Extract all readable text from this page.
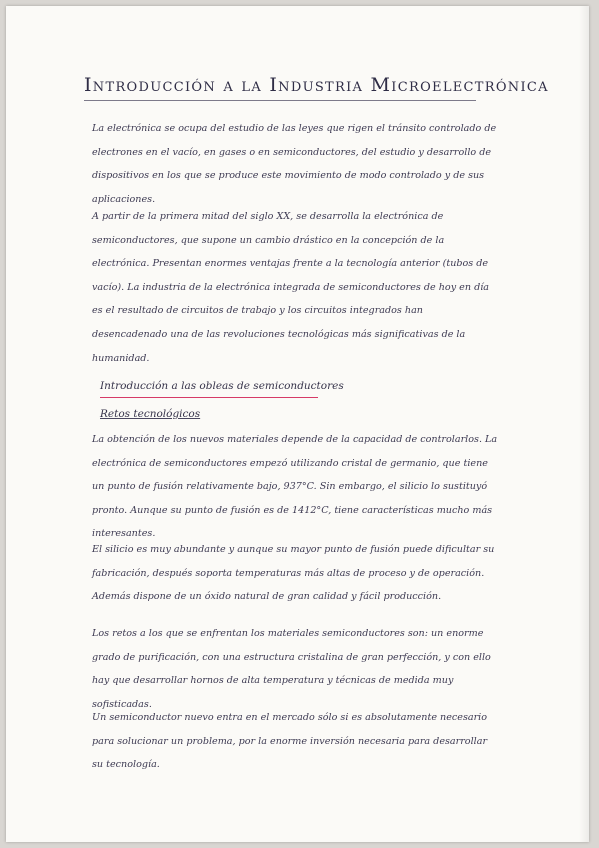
Introducción a la Industria Microelectrónica
La electrónica se ocupa del estudio de las leyes que rigen el tránsito controlado de electrones en el vacío, en gases o en semiconductores, del estudio y desarrollo de dispositivos en los que se produce este movimiento de modo controlado y de sus aplicaciones.
A partir de la primera mitad del siglo XX, se desarrolla la electrónica de semiconductores, que supone un cambio drástico en la concepción de la electrónica. Presentan enormes ventajas frente a la tecnología anterior (tubos de vacío). La industria de la electrónica integrada de semiconductores de hoy en día es el resultado de circuitos de trabajo y los circuitos integrados han desencadenado una de las revoluciones tecnológicas más significativas de la humanidad.
Introducción a las obleas de semiconductores
Retos tecnológicos
La obtención de los nuevos materiales depende de la capacidad de controlarlos. La electrónica de semiconductores empezó utilizando cristal de germanio, que tiene un punto de fusión relativamente bajo, 937°C. Sin embargo, el silicio lo sustituyó pronto. Aunque su punto de fusión es de 1412°C, tiene características mucho más interesantes.
El silicio es muy abundante y aunque su mayor punto de fusión puede dificultar su fabricación, después soporta temperaturas más altas de proceso y de operación. Además dispone de un óxido natural de gran calidad y fácil producción.
Los retos a los que se enfrentan los materiales semiconductores son: un enorme grado de purificación, con una estructura cristalina de gran perfección, y con ello hay que desarrollar hornos de alta temperatura y técnicas de medida muy sofisticadas.
Un semiconductor nuevo entra en el mercado sólo si es absolutamente necesario para solucionar un problema, por la enorme inversión necesaria para desarrollar su tecnología.
